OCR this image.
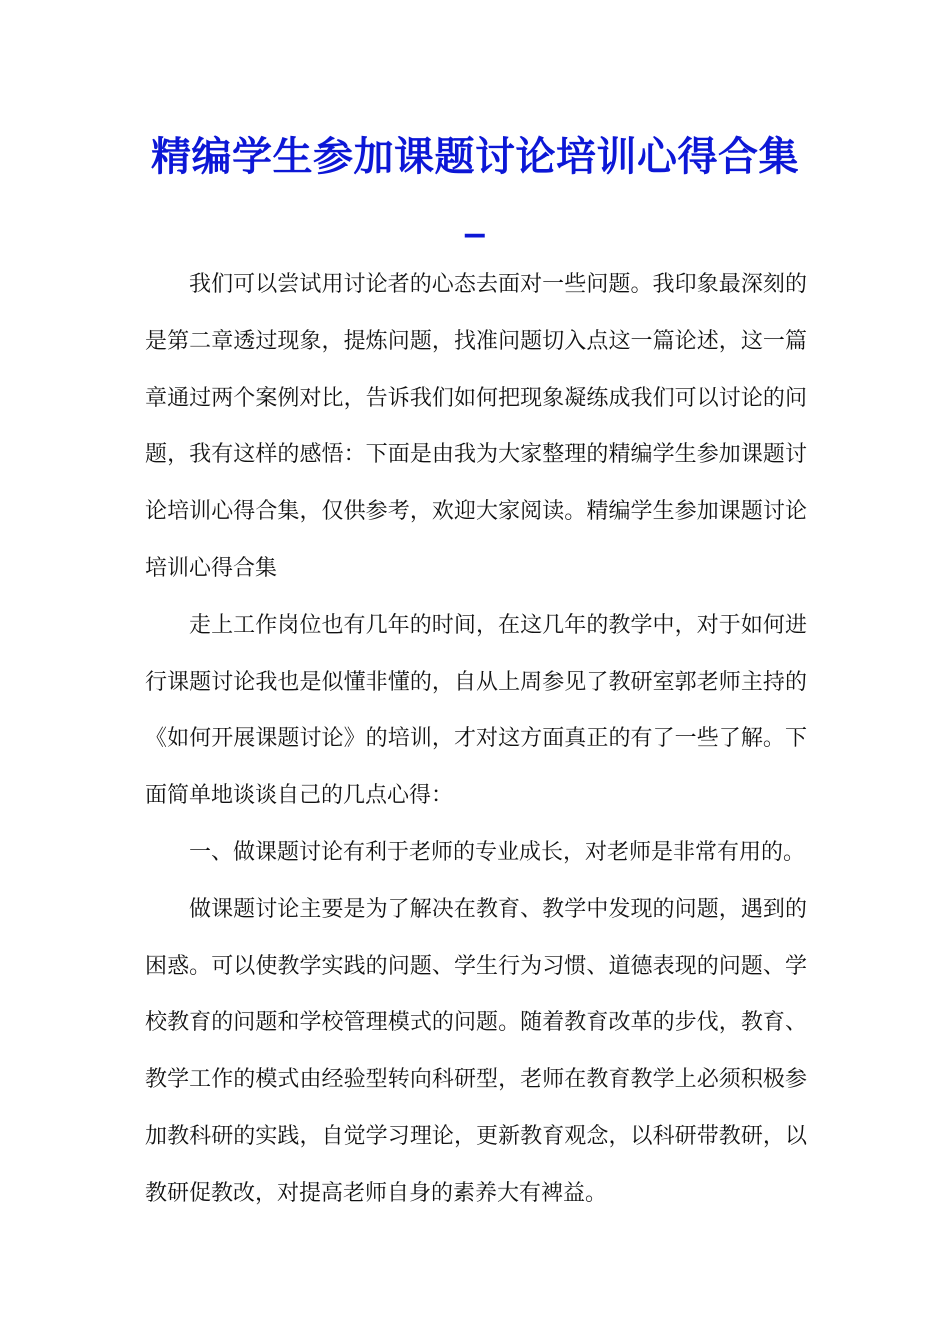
精编学生参加课题讨论培训心得合集_

我们可以尝试用讨论者的心态去面对一些问题。我印象最深刻的是第二章透过现象，提炼问题，找准问题切入点这一篇论述，这一篇章通过两个案例对比，告诉我们如何把现象凝练成我们可以讨论的问题，我有这样的感悟：下面是由我为大家整理的精编学生参加课题讨论培训心得合集，仅供参考，欢迎大家阅读。精编学生参加课题讨论培训心得合集

走上工作岗位也有几年的时间，在这几年的教学中，对于如何进行课题讨论我也是似懂非懂的，自从上周参见了教研室郭老师主持的《如何开展课题讨论》的培训，才对这方面真正的有了一些了解。下面简单地谈谈自己的几点心得：

一、做课题讨论有利于老师的专业成长，对老师是非常有用的。

做课题讨论主要是为了解决在教育、教学中发现的问题，遇到的困惑。可以使教学实践的问题、学生行为习惯、道德表现的问题、学校教育的问题和学校管理模式的问题。随着教育改革的步伐，教育、教学工作的模式由经验型转向科研型，老师在教育教学上必须积极参加教科研的实践，自觉学习理论，更新教育观念，以科研带教研，以教研促教改，对提高老师自身的素养大有裨益。
